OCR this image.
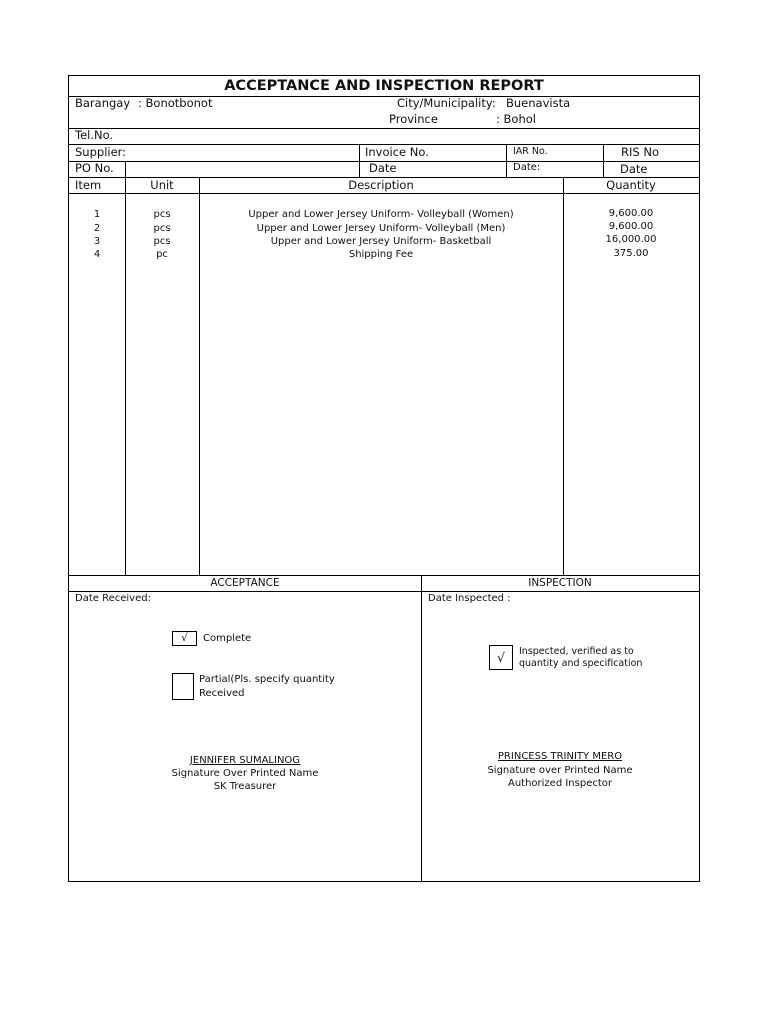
ACCEPTANCE AND INSPECTION REPORT
Barangay : Bonotbonot	City/Municipality: Buenavista
Province	: Bohol
Tel.No.
Supplier:	Invoice No.	IAR No.	RIS No
PO No.	Date	Date:	Date
Item	Unit	Description	Quantity
1	pcs	Upper and Lower Jersey Uniform- Volleyball (Women)	9,600.00
2	pcs	Upper and Lower Jersey Uniform- Volleyball (Men)	9,600.00
3	pcs	Upper and Lower Jersey Uniform- Basketball	16,000.00
4	pc	Shipping Fee	375.00
ACCEPTANCE	INSPECTION
Date Received:
√	Complete
Partial(Pls. specify quantity
Received
JENNIFER SUMALINOG
Signature Over Printed Name
SK Treasurer
Date Inspected :
√	Inspected, verified as to
quantity and specification
PRINCESS TRINITY MERO
Signature over Printed Name
Authorized Inspector
